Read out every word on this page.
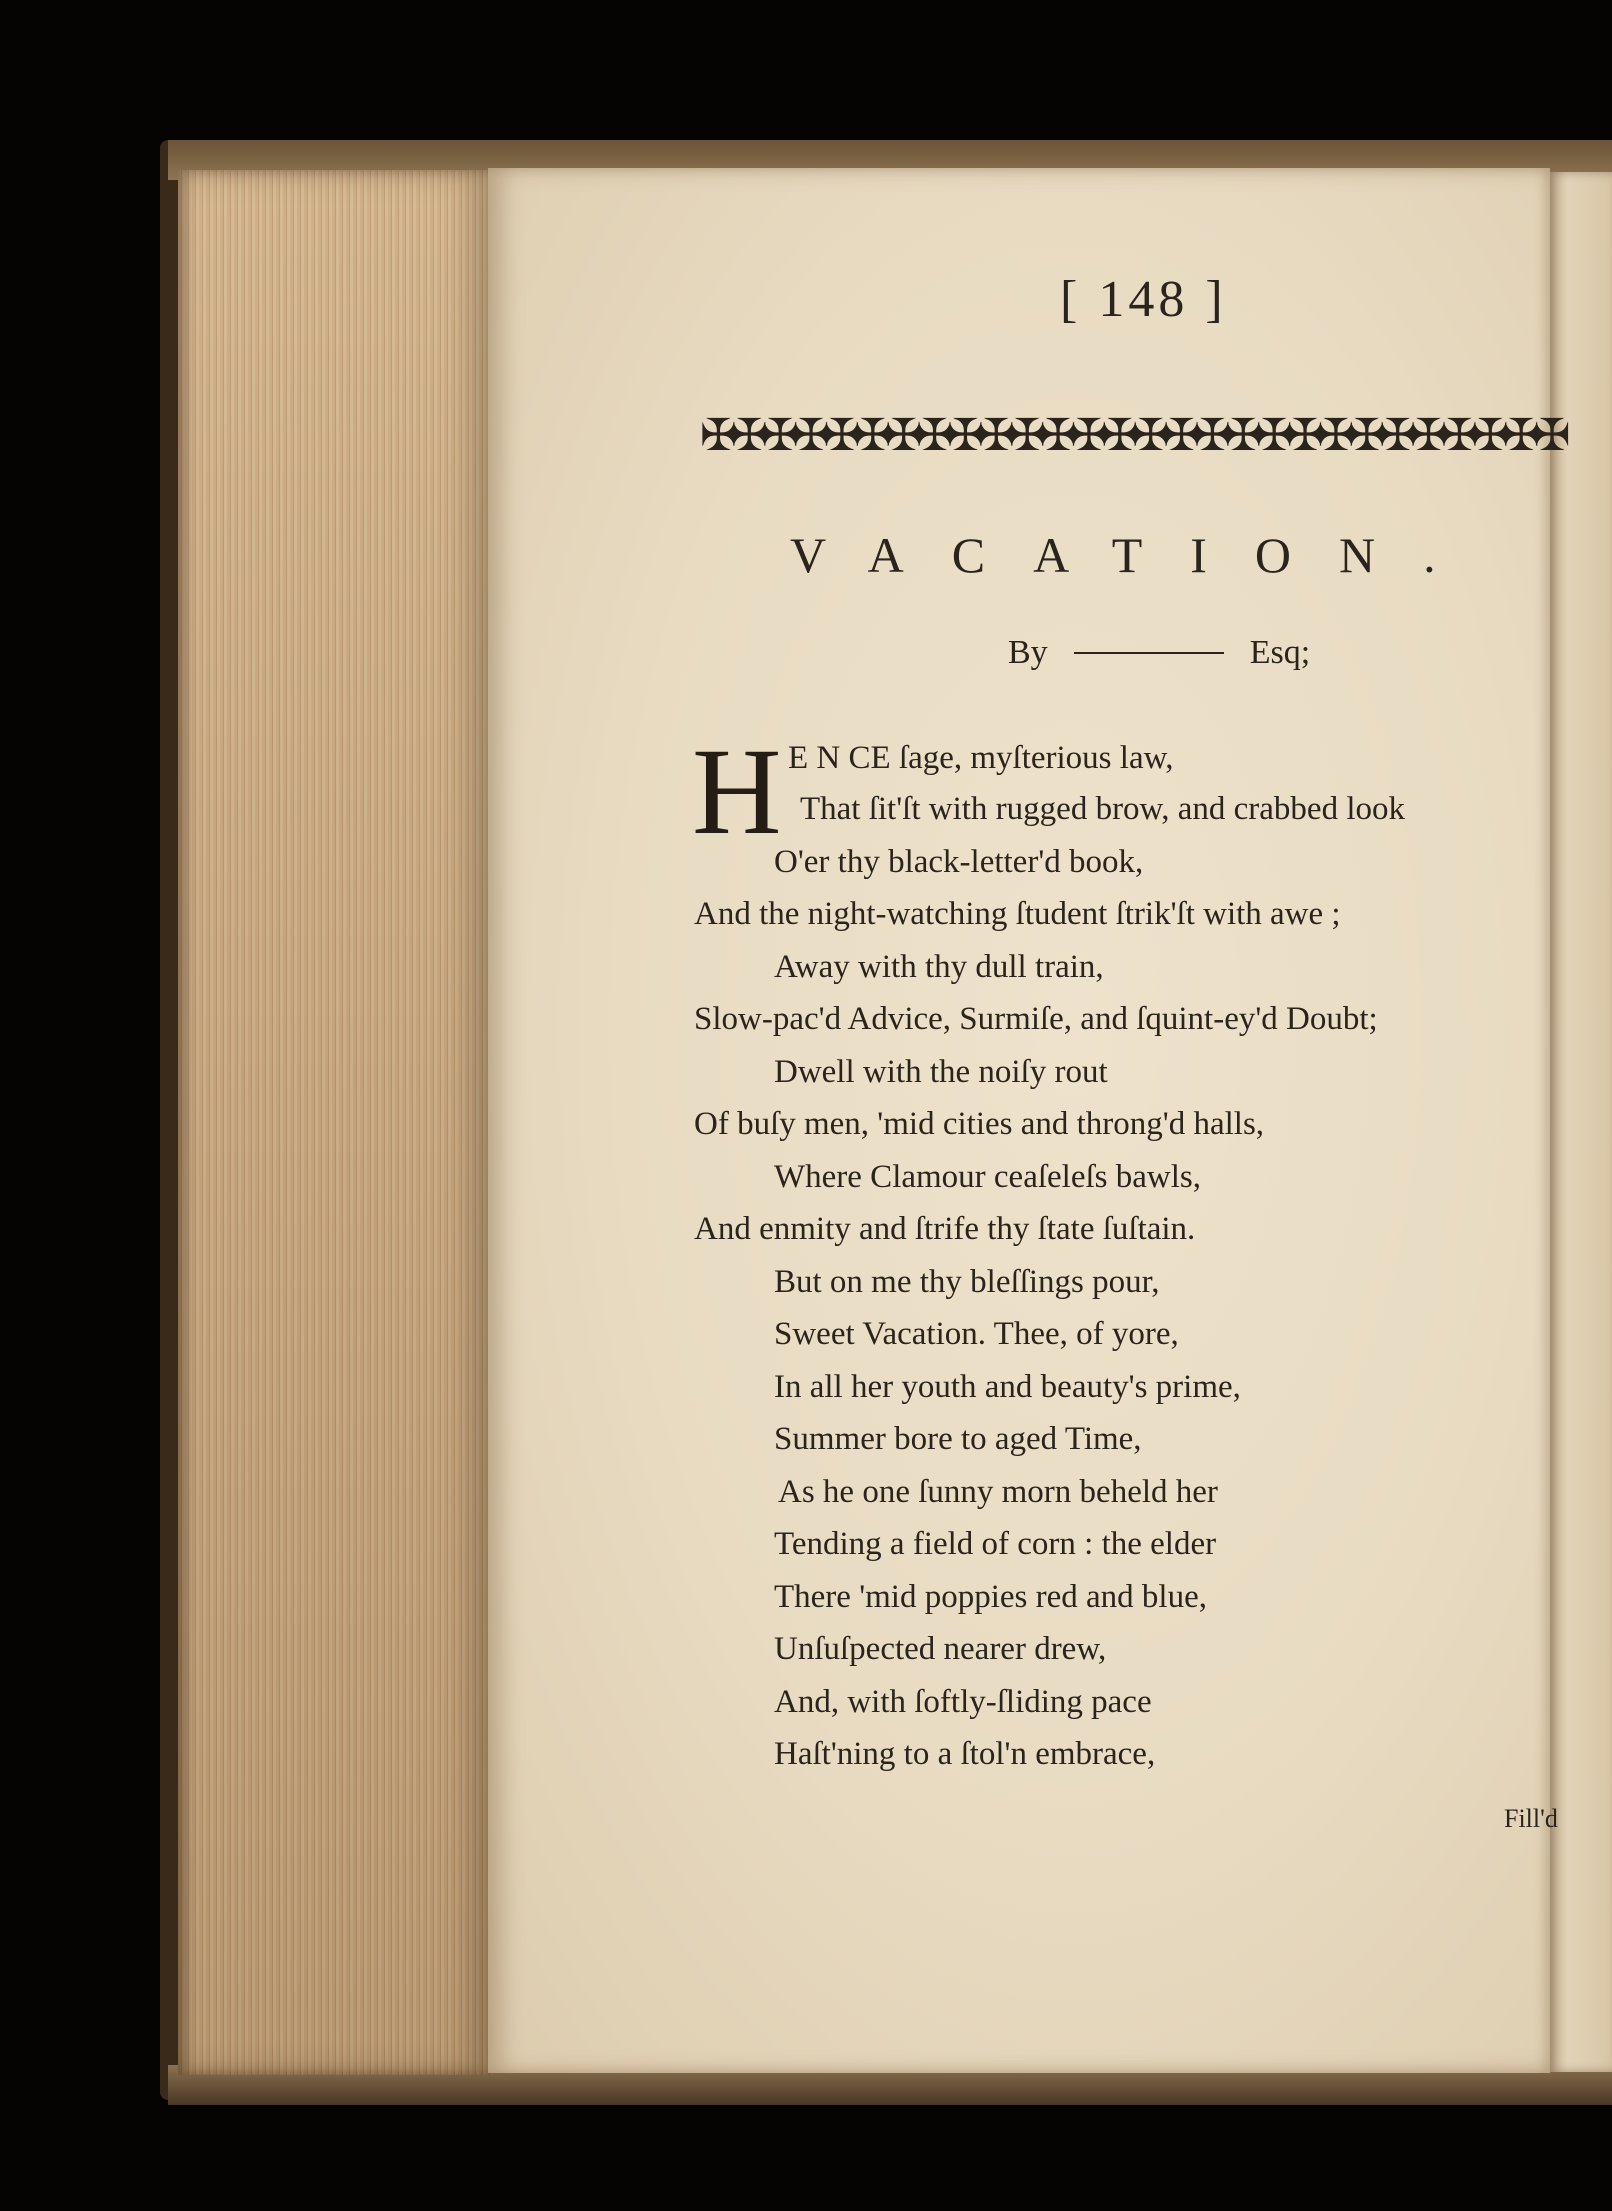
[ 148 ]
✠
✠
✠
✠
✠
✠
✠
✠
✠
✠
✠
✠
✠
✠
✠
✠
✠
✠
✠
✠
✠
✠
✠
✠
✠
✠
✠
✠
VACATION.
By	Esq;
H E N CE ſage, myſterious law,
That ſit'ſt with rugged brow, and crabbed look
O'er thy black-letter'd book,
And the night-watching ſtudent ſtrik'ſt with awe ;
Away with thy dull train,
Slow-pac'd Advice, Surmiſe, and ſquint-ey'd Doubt;
Dwell with the noiſy rout
Of buſy men, 'mid cities and throng'd halls,
Where Clamour ceaſeleſs bawls,
And enmity and ſtrife thy ſtate ſuſtain.
But on me thy bleſſings pour,
Sweet Vacation. Thee, of yore,
In all her youth and beauty's prime,
Summer bore to aged Time,
As he one ſunny morn beheld her
Tending a field of corn : the elder
There 'mid poppies red and blue,
Unſuſpected nearer drew,
And, with ſoftly-ſliding pace
Haſt'ning to a ſtol'n embrace,
Fill'd
